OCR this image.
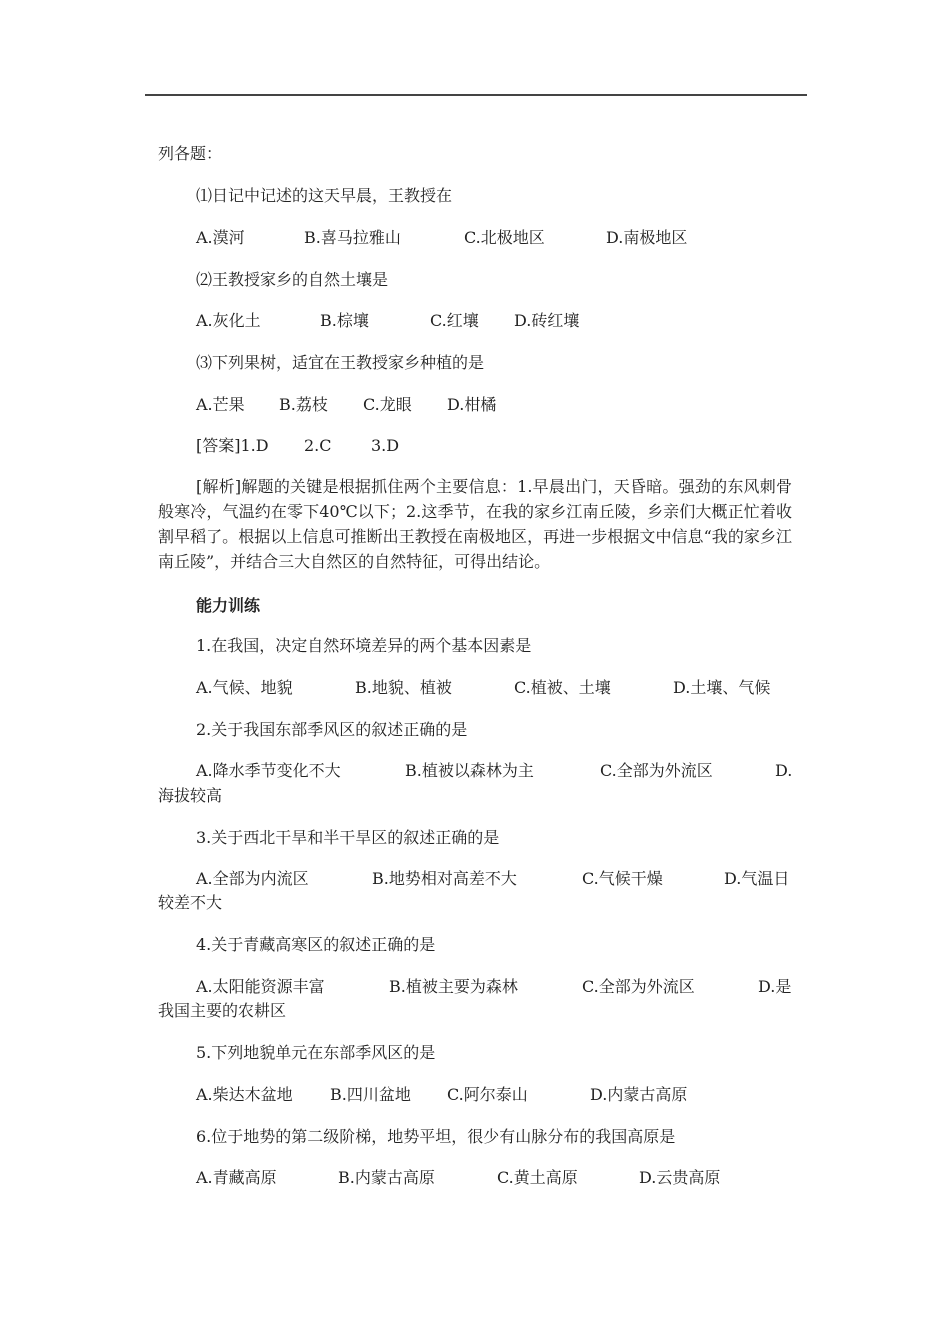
列各题：
⑴日记中记述的这天早晨，王教授在
A.漠河	B.喜马拉雅山	C.北极地区	D.南极地区
⑵王教授家乡的自然土壤是
A.灰化土	B.棕壤	C.红壤 D.砖红壤
⑶下列果树，适宜在王教授家乡种植的是
A.芒果 B.荔枝 C.龙眼 D.柑橘
[答案]1.D 2.C 3.D
[解析]解题的关键是根据抓住两个主要信息：1.早晨出门，天昏暗。强劲的东风刺骨般寒冷，气温约在零下40℃以下；2.这季节，在我的家乡江南丘陵，乡亲们大概正忙着收割早稻了。根据以上信息可推断出王教授在南极地区，再进一步根据文中信息“我的家乡江南丘陵”，并结合三大自然区的自然特征，可得出结论。
能力训练
1.在我国，决定自然环境差异的两个基本因素是
A.气候、地貌	B.地貌、植被	C.植被、土壤	D.土壤、气候
2.关于我国东部季风区的叙述正确的是
A.降水季节变化不大	B.植被以森林为主	C.全部为外流区	D.
海拔较高
3.关于西北干旱和半干旱区的叙述正确的是
A.全部为内流区	B.地势相对高差不大	C.气候干燥	D.气温日
较差不大
4.关于青藏高寒区的叙述正确的是
A.太阳能资源丰富	B.植被主要为森林	C.全部为外流区	D.是
我国主要的农耕区
5.下列地貌单元在东部季风区的是
A.柴达木盆地 B.四川盆地 C.阿尔泰山	D.内蒙古高原
6.位于地势的第二级阶梯，地势平坦，很少有山脉分布的我国高原是
A.青藏高原	B.内蒙古高原	C.黄土高原	D.云贵高原
